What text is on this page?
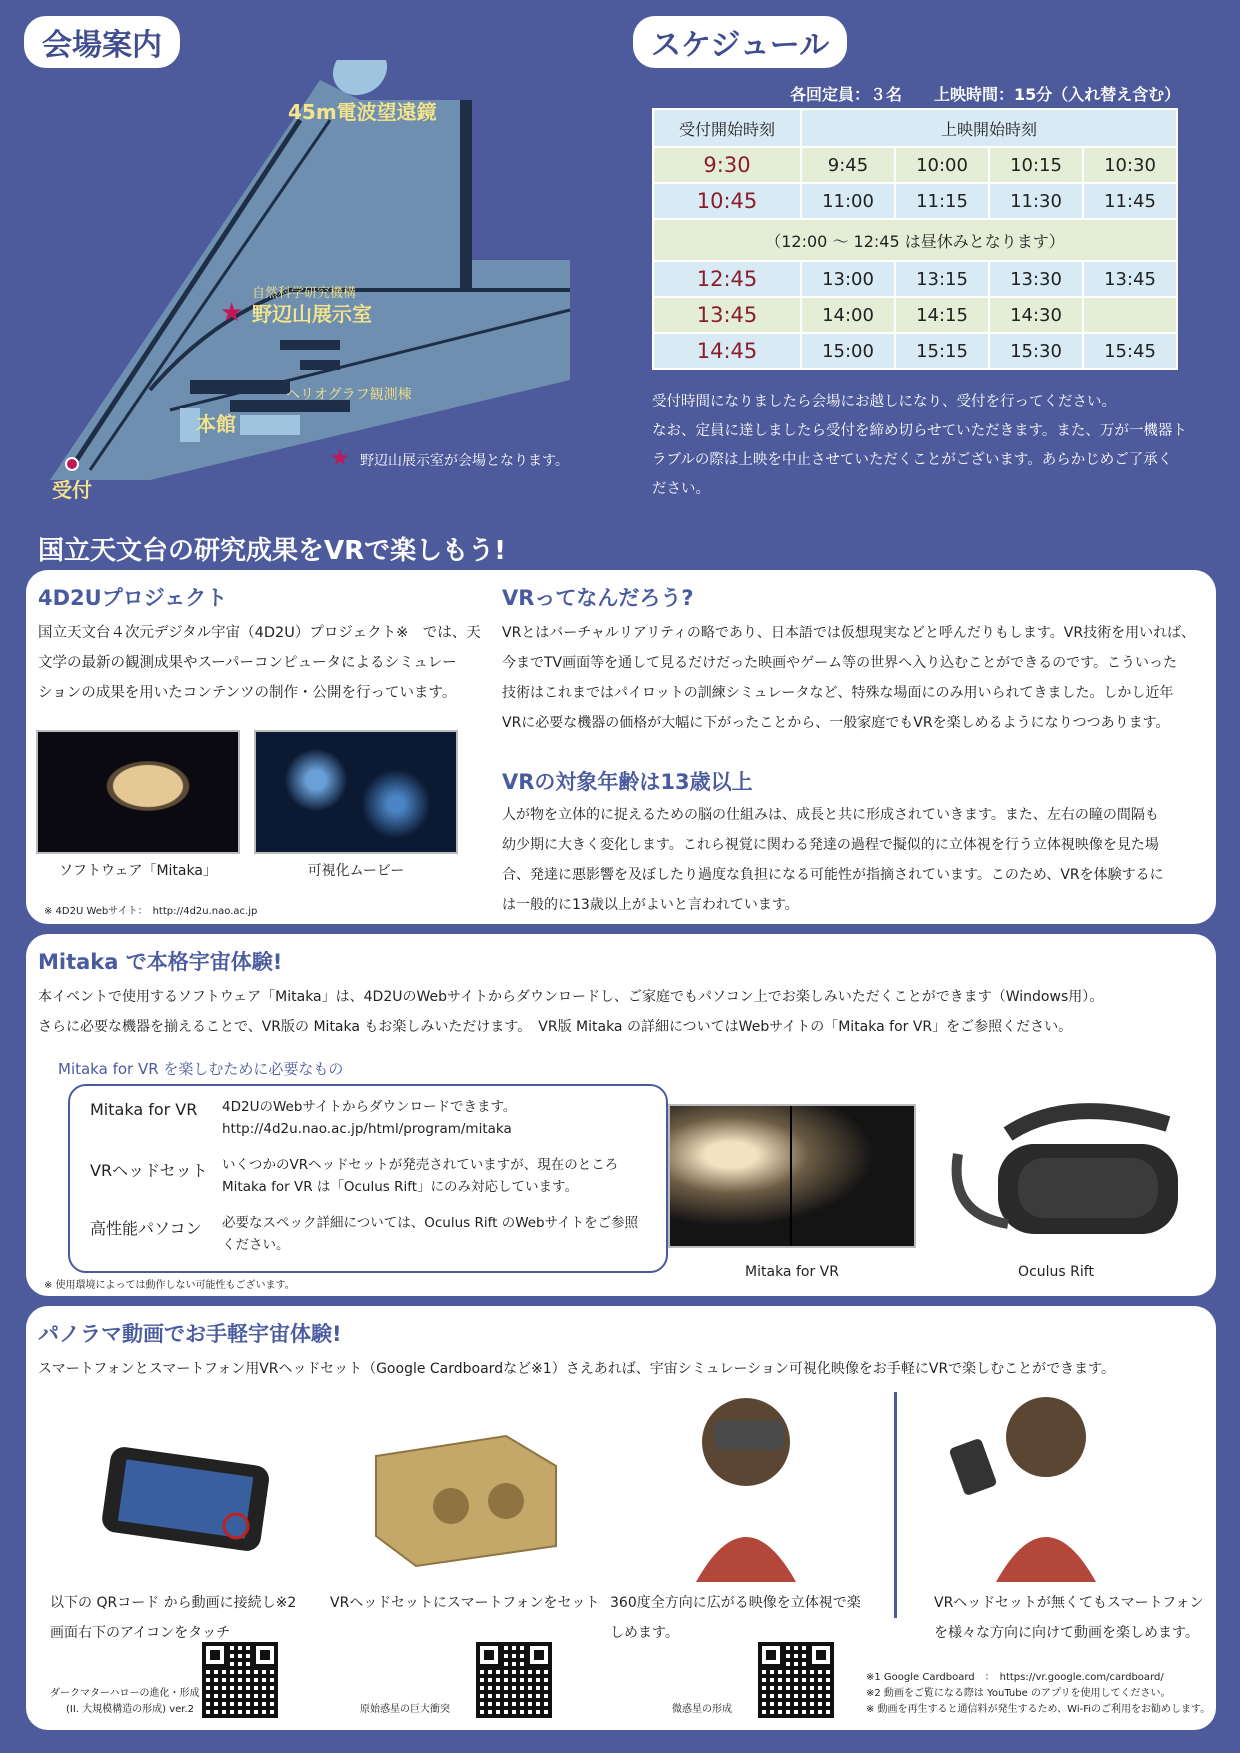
会場案内
45m電波望遠鏡
自然科学研究機構
★ 野辺山展示室
ヘリオグラフ観測棟
本館
受付
★ 野辺山展示室が会場となります。
スケジュール
各回定員：３名　　上映時間：15分（入れ替え含む）
受付開始時刻	上映開始時刻			
9:30	9:45	10:00	10:15	10:30
10:45	11:00	11:15	11:30	11:45
（12:00 ～ 12:45 は昼休みとなります）				
12:45	13:00	13:15	13:30	13:45
13:45	14:00	14:15	14:30	
14:45	15:00	15:15	15:30	15:45
受付時間になりましたら会場にお越しになり、受付を行ってください。
なお、定員に達しましたら受付を締め切らせていただきます。また、万が一機器ト
ラブルの際は上映を中止させていただくことがございます。あらかじめご了承く
ださい。
国立天文台の研究成果をVRで楽しもう!
4D2Uプロジェクト
国立天文台４次元デジタル宇宙（4D2U）プロジェクト※　では、天
文学の最新の観測成果やスーパーコンピュータによるシミュレー
ションの成果を用いたコンテンツの制作・公開を行っています。
ソフトウェア「Mitaka」	可視化ムービー
※ 4D2U Webサイト：　http://4d2u.nao.ac.jp
VRってなんだろう?
VRとはバーチャルリアリティの略であり、日本語では仮想現実などと呼んだりもします。VR技術を用いれば、
今までTV画面等を通して見るだけだった映画やゲーム等の世界へ入り込むことができるのです。こういった
技術はこれまではパイロットの訓練シミュレータなど、特殊な場面にのみ用いられてきました。しかし近年
VRに必要な機器の価格が大幅に下がったことから、一般家庭でもVRを楽しめるようになりつつあります。
VRの対象年齢は13歳以上
人が物を立体的に捉えるための脳の仕組みは、成長と共に形成されていきます。また、左右の瞳の間隔も
幼少期に大きく変化します。これら視覚に関わる発達の過程で擬似的に立体視を行う立体視映像を見た場
合、発達に悪影響を及ぼしたり過度な負担になる可能性が指摘されています。このため、VRを体験するに
は一般的に13歳以上がよいと言われています。
Mitaka で本格宇宙体験!
本イベントで使用するソフトウェア「Mitaka」は、4D2UのWebサイトからダウンロードし、ご家庭でもパソコン上でお楽しみいただくことができます（Windows用）。
さらに必要な機器を揃えることで、VR版の Mitaka もお楽しみいただけます。　VR版 Mitaka の詳細についてはWebサイトの「Mitaka for VR」をご参照ください。
Mitaka for VR を楽しむために必要なもの
Mitaka for VR 4D2UのWebサイトからダウンロードできます。
http://4d2u.nao.ac.jp/html/program/mitaka
VRヘッドセット いくつかのVRヘッドセットが発売されていますが、現在のところ
Mitaka for VR は「Oculus Rift」にのみ対応しています。
高性能パソコン 必要なスペック詳細については、Oculus Rift のWebサイトをご参照
ください。
※ 使用環境によっては動作しない可能性もございます。
Mitaka for VR	Oculus Rift
パノラマ動画でお手軽宇宙体験!
スマートフォンとスマートフォン用VRヘッドセット（Google Cardboardなど※1）さえあれば、宇宙シミュレーション可視化映像をお手軽にVRで楽しむことができます。
以下の QRコード から動画に接続し※2
画面右下のアイコンをタッチ
VRヘッドセットにスマートフォンをセット 360度全方向に広がる映像を立体視で楽
しめます。
VRヘッドセットが無くてもスマートフォン
を様々な方向に向けて動画を楽しめます。
ダークマターハローの進化・形成
(II. 大規模構造の形成) ver.2	原始惑星の巨大衝突	微惑星の形成
※1 Google Cardboard　：　https://vr.google.com/cardboard/
※2 動画をご覧になる際は YouTube のアプリを使用してください。
※ 動画を再生すると通信料が発生するため、Wi-Fiのご利用をお勧めします。
